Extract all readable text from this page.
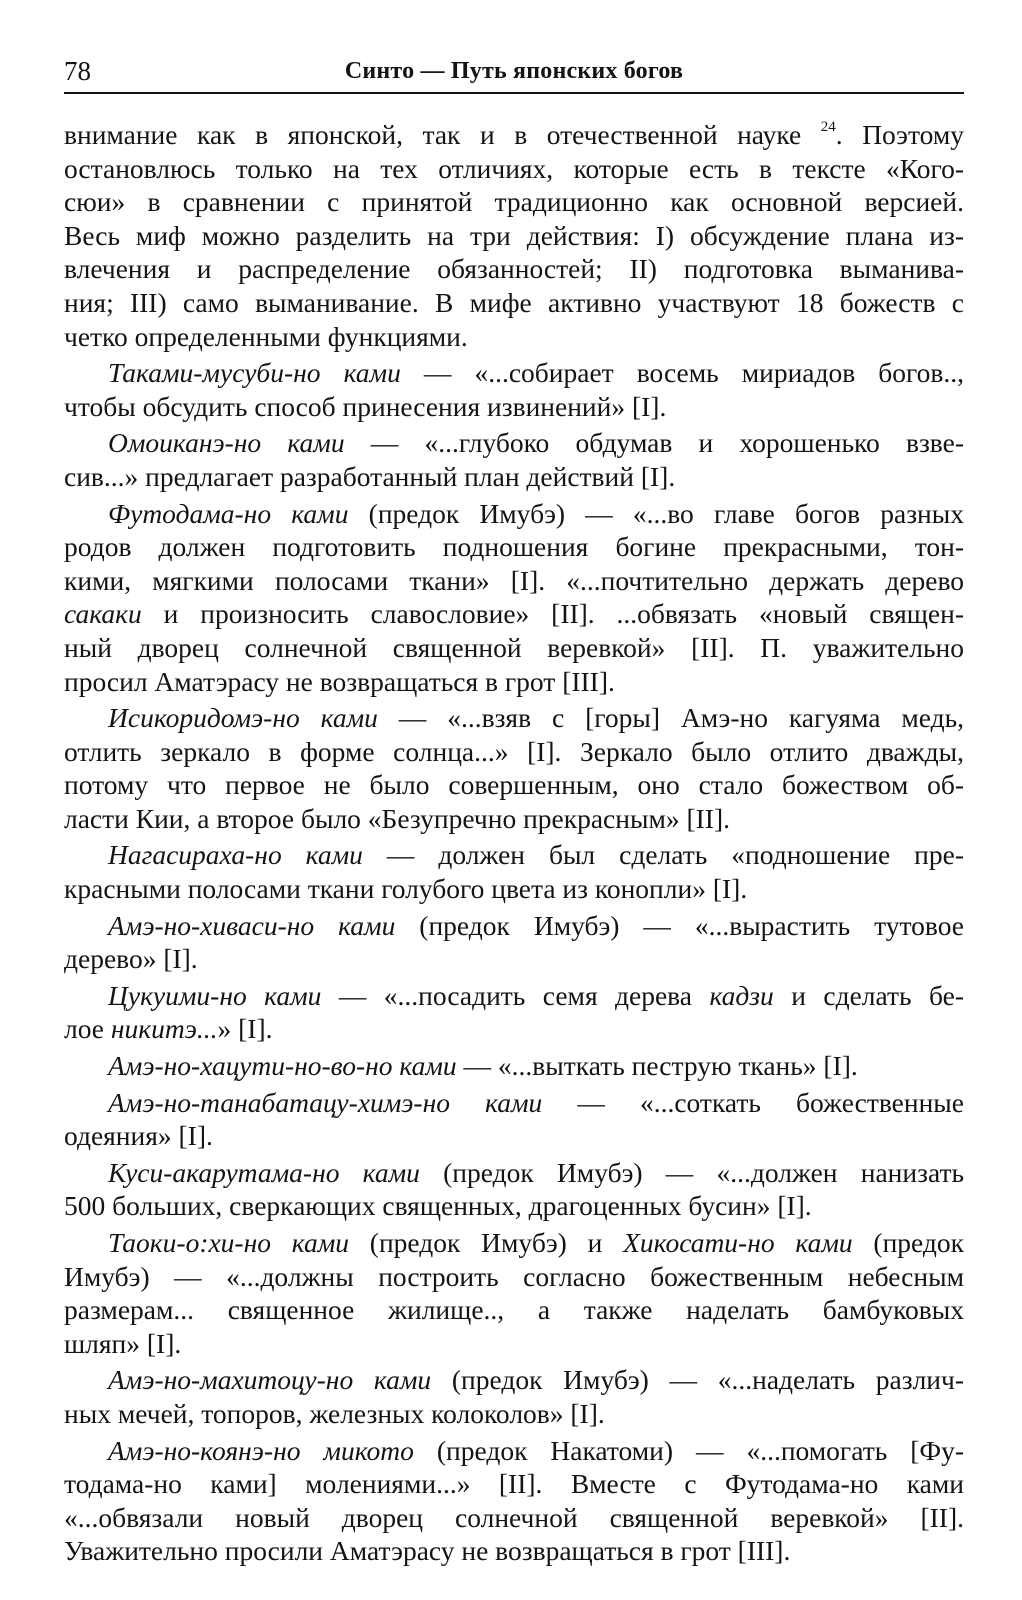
78	Синто — Путь японских богов
внимание как в японской, так и в отечественной науке $^{24}$. Поэтому
остановлюсь только на тех отличиях, которые есть в тексте «Кого-
сюи» в сравнении с принятой традиционно как основной версией.
Весь миф можно разделить на три действия: I) обсуждение плана из-
влечения и распределение обязанностей; II) подготовка выманива-
ния; III) само выманивание. В мифе активно участвуют 18 божеств с
четко определенными функциями.
Таками-мусуби-но ками — «...собирает восемь мириадов богов..,
чтобы обсудить способ принесения извинений» [I].
Омоиканэ-но ками — «...глубоко обдумав и хорошенько взве-
сив...» предлагает разработанный план действий [I].
Футодама-но ками (предок Имубэ) — «...во главе богов разных
родов должен подготовить подношения богине прекрасными, тон-
кими, мягкими полосами ткани» [I]. «...почтительно держать дерево
сакаки и произносить славословие» [II]. ...обвязать «новый священ-
ный дворец солнечной священной веревкой» [II]. П. уважительно
просил Аматэрасу не возвращаться в грот [III].
Исикоридомэ-но ками — «...взяв с [горы] Амэ-но кагуяма медь,
отлить зеркало в форме солнца...» [I]. Зеркало было отлито дважды,
потому что первое не было совершенным, оно стало божеством об-
ласти Кии, а второе было «Безупречно прекрасным» [II].
Нагасираха-но ками — должен был сделать «подношение пре-
красными полосами ткани голубого цвета из конопли» [I].
Амэ-но-хиваси-но ками (предок Имубэ) — «...вырастить тутовое
дерево» [I].
Цукуими-но ками — «...посадить семя дерева кадзи и сделать бе-
лое никитэ...» [I].
Амэ-но-хацути-но-во-но ками — «...выткать пеструю ткань» [I].
Амэ-но-танабатацу-химэ-но ками — «...соткать божественные
одеяния» [I].
Куси-акарутама-но ками (предок Имубэ) — «...должен нанизать
500 больших, сверкающих священных, драгоценных бусин» [I].
Таоки-о:хи-но ками (предок Имубэ) и Хикосати-но ками (предок
Имубэ) — «...должны построить согласно божественным небесным
размерам... священное жилище.., а также наделать бамбуковых
шляп» [I].
Амэ-но-махитоцу-но ками (предок Имубэ) — «...наделать различ-
ных мечей, топоров, железных колоколов» [I].
Амэ-но-коянэ-но микото (предок Накатоми) — «...помогать [Фу-
тодама-но ками] молениями...» [II]. Вместе с Футодама-но ками
«...обвязали новый дворец солнечной священной веревкой» [II].
Уважительно просили Аматэрасу не возвращаться в грот [III].
